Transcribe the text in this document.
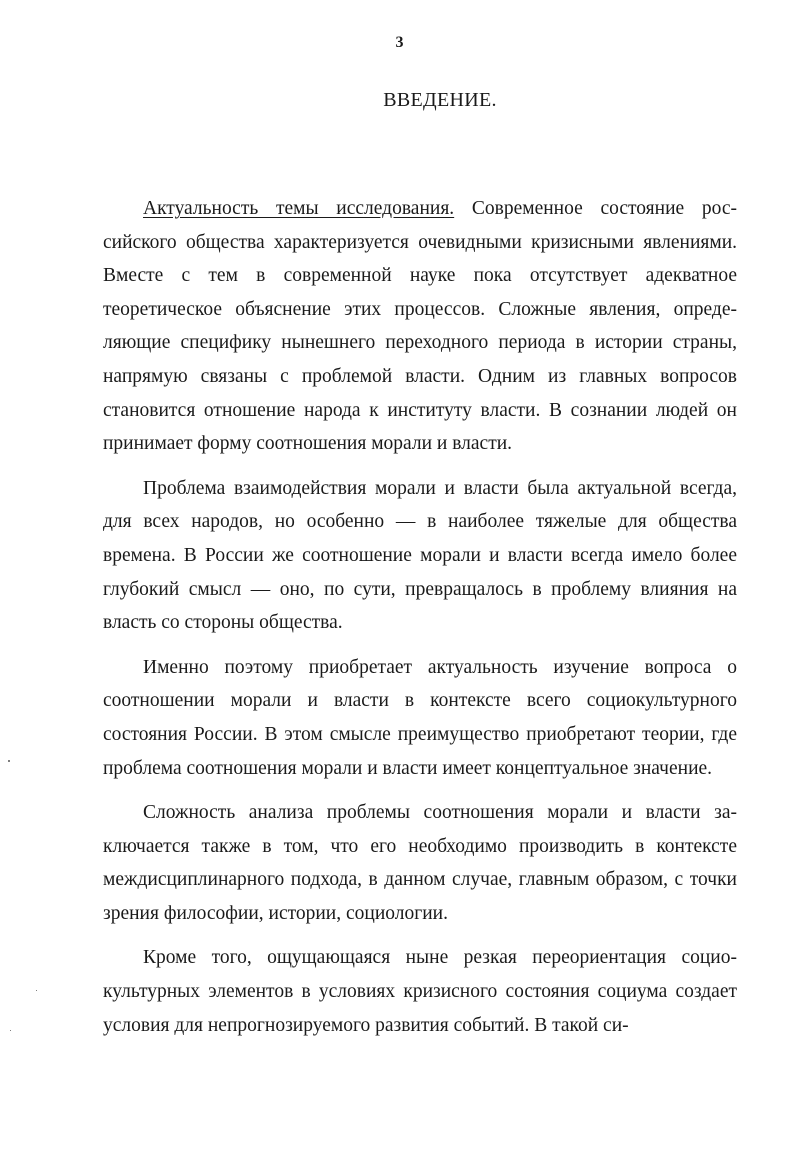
3
ВВЕДЕНИЕ.

Актуальность темы исследования. Современное состояние российского общества характеризуется очевидными кризисными явлениями. Вместе с тем в современной науке пока отсутствует адекватное теоретическое объяснение этих процессов. Сложные явления, определяющие специфику нынешнего переходного периода в истории страны, напрямую связаны с проблемой власти. Одним из главных вопросов становится отношение народа к институту власти. В сознании людей он принимает форму соотношения морали и власти.

Проблема взаимодействия морали и власти была актуальной всегда, для всех народов, но особенно — в наиболее тяжелые для общества времена. В России же соотношение морали и власти всегда имело более глубокий смысл — оно, по сути, превращалось в проблему влияния на власть со стороны общества.

Именно поэтому приобретает актуальность изучение вопроса о соотношении морали и власти в контексте всего социокультурного состояния России. В этом смысле преимущество приобретают теории, где проблема соотношения морали и власти имеет концептуальное значение.

Сложность анализа проблемы соотношения морали и власти заключается также в том, что его необходимо производить в контексте междисциплинарного подхода, в данном случае, главным образом, с точки зрения философии, истории, социологии.

Кроме того, ощущающаяся ныне резкая переориентация социокультурных элементов в условиях кризисного состояния социума создает условия для непрогнозируемого развития событий. В такой си-
